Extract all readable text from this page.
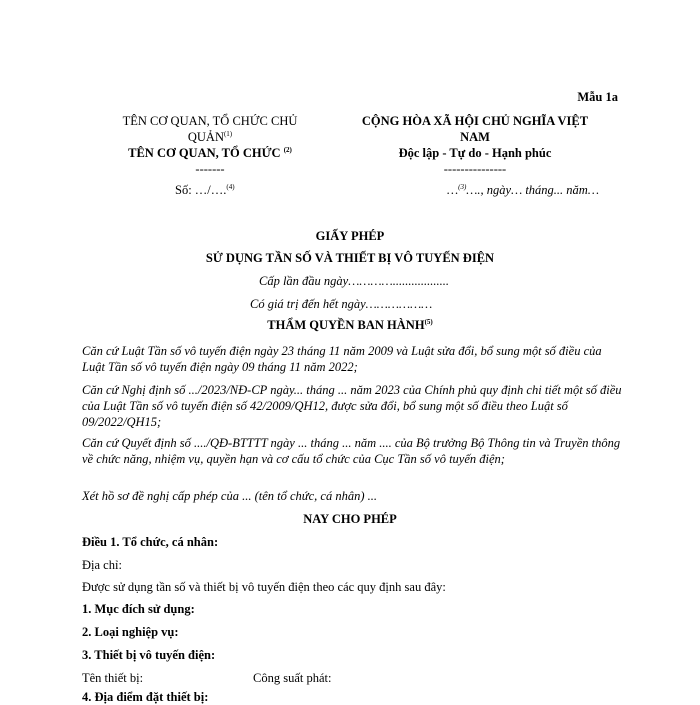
Mẫu 1a
TÊN CƠ QUAN, TỔ CHỨC CHỦ
QUẢN$^{(1)}$
TÊN CƠ QUAN, TỔ CHỨC $^{(2)}$
-------
Số: …/….$^{(4)}$
CỘNG HÒA XÃ HỘI CHỦ NGHĨA VIỆT
NAM
Độc lập - Tự do - Hạnh phúc
---------------
…$^{(3)}$…., ngày… tháng... năm…
GIẤY PHÉP
SỬ DỤNG TẦN SỐ VÀ THIẾT BỊ VÔ TUYẾN ĐIỆN
Cấp lần đầu ngày…………..................
Có giá trị đến hết ngày………………
THẨM QUYỀN BAN HÀNH$^{(5)}$
Căn cứ Luật Tần số vô tuyến điện ngày 23 tháng 11 năm 2009 và Luật sửa đổi, bổ sung một số điều của Luật Tần số vô tuyến điện ngày 09 tháng 11 năm 2022;
Căn cứ Nghị định số .../2023/NĐ-CP ngày... tháng ... năm 2023 của Chính phủ quy định chi tiết một số điều của Luật Tần số vô tuyến điện số 42/2009/QH12, được sửa đổi, bổ sung một số điều theo Luật số 09/2022/QH15;
Căn cứ Quyết định số ..../QĐ-BTTTT ngày ... tháng ... năm .... của Bộ trưởng Bộ Thông tin và Truyền thông về chức năng, nhiệm vụ, quyền hạn và cơ cấu tổ chức của Cục Tần số vô tuyến điện;
Xét hồ sơ đề nghị cấp phép của ... (tên tổ chức, cá nhân) ...
NAY CHO PHÉP
Điều 1. Tổ chức, cá nhân:
Địa chỉ:
Được sử dụng tần số và thiết bị vô tuyến điện theo các quy định sau đây:
1. Mục đích sử dụng:
2. Loại nghiệp vụ:
3. Thiết bị vô tuyến điện:
Tên thiết bị:	Công suất phát:
4. Địa điểm đặt thiết bị:
